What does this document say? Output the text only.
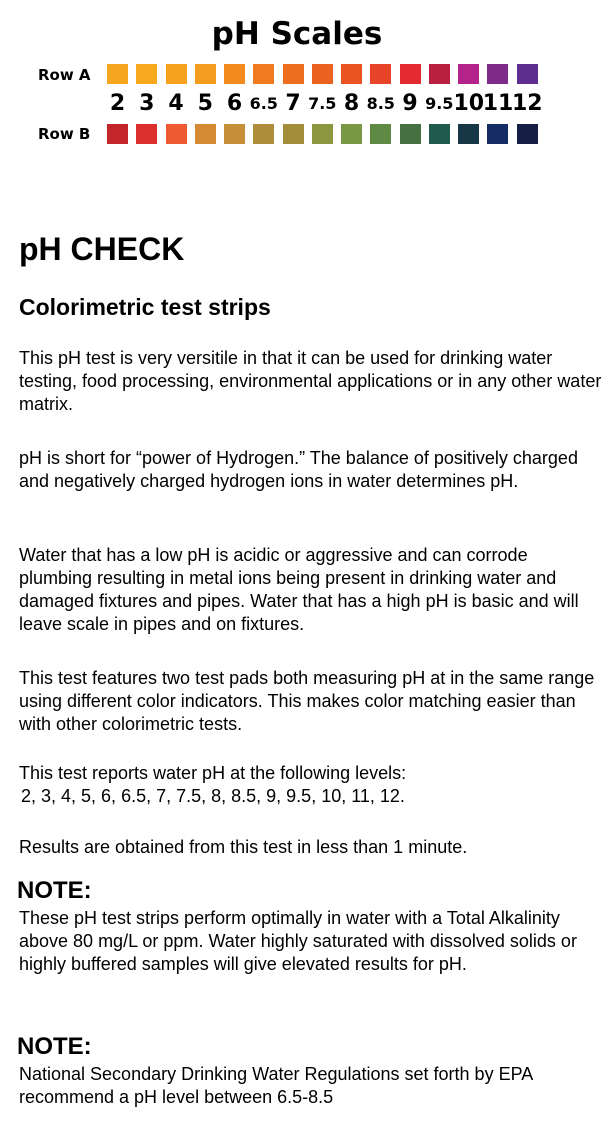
pH Scales
Row A
2 3 4 5 6 6.5 7 7.5 8 8.5 9 9.5 10
11
12
Row B
pH CHECK
Colorimetric test strips

This pH test is very versitile in that it can be used for drinking water testing, food processing, environmental applications or in any other water matrix.

pH is short for “power of Hydrogen.” The balance of positively charged and negatively charged hydrogen ions in water determines pH.

Water that has a low pH is acidic or aggressive and can corrode plumbing resulting in metal ions being present in drinking water and damaged fixtures and pipes. Water that has a high pH is basic and will leave scale in pipes and on fixtures.

This test features two test pads both measuring pH at in the same range using different color indicators. This makes color matching easier than with other colorimetric tests.

This test reports water pH at the following levels:

2, 3, 4, 5, 6, 6.5, 7, 7.5, 8, 8.5, 9, 9.5, 10, 11, 12.

Results are obtained from this test in less than 1 minute.

NOTE:

These pH test strips perform optimally in water with a Total Alkalinity above 80 mg/L or ppm. Water highly saturated with dissolved solids or highly buffered samples will give elevated results for pH.

NOTE:

National Secondary Drinking Water Regulations set forth by EPA recommend a pH level between 6.5-8.5
